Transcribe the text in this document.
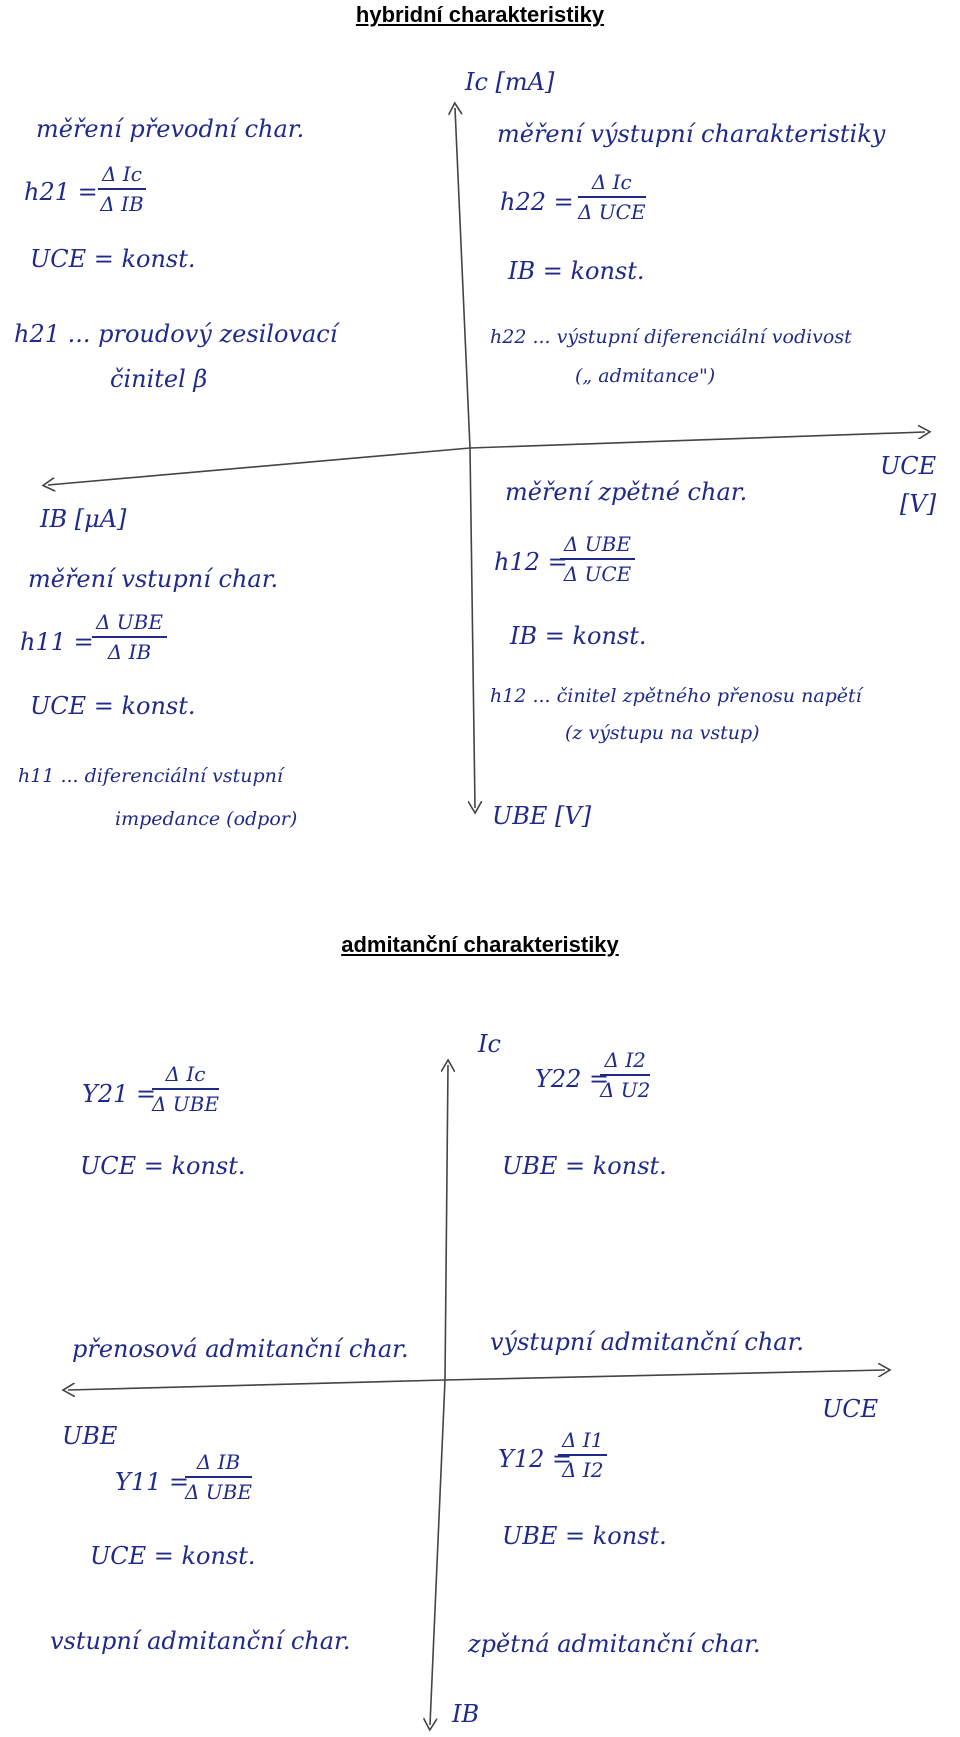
hybridní charakteristiky
Ic [mA]
UCE
[V]
IB [μA]
UBE [V]
měření převodní char.
$h21 = \frac{\text{Δ Ic}}{\text{Δ IB}}$
UCE = konst.
h21 ... proudový zesilovací
činitel β
měření výstupní charakteristiky
h22 =
Δ Ic
Δ UCE
IB = konst.
h22 ... výstupní diferenciální vodivost
(„ admitance")
měření vstupní char.
h11 =
Δ UBE
Δ IB
UCE = konst.
h11 ... diferenciální vstupní
impedance (odpor)
měření zpětné char.
h12 =
Δ UBE
Δ UCE
IB = konst.
h12 ... činitel zpětného přenosu napětí
(z výstupu na vstup)
admitanční charakteristiky
Ic
UCE
UBE
IB
Y21 =
Δ Ic
Δ UBE
UCE = konst.
přenosová admitanční char.
Y22 =
$\frac{\text{Δ I2}}{\text{Δ U2}}$
UBE = konst.
výstupní admitanční char.
Y11 =
Δ IB
Δ UBE
UCE = konst.
vstupní admitanční char.
Y12 =
$\frac{\text{Δ I1}}{\text{Δ I2}}$
UBE = konst.
zpětná admitanční char.
